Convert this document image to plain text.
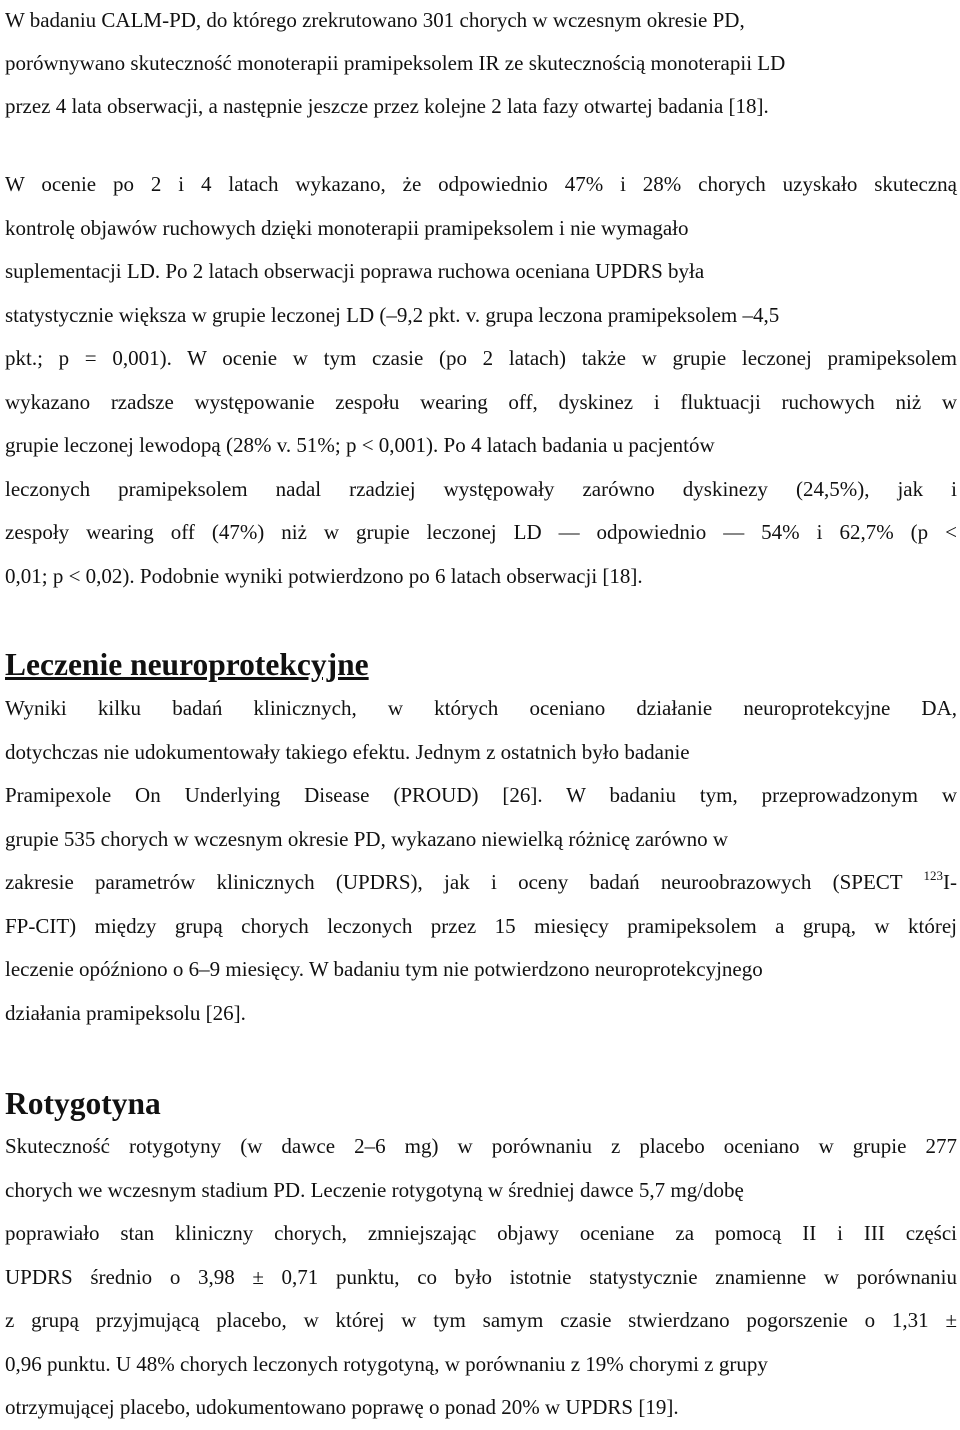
W badaniu CALM-PD, do którego zrekrutowano 301 chorych w wczesnym okresie PD,
porównywano skuteczność monoterapii pramipeksolem IR ze skutecznością monoterapii LD
przez 4 lata obserwacji, a następnie jeszcze przez kolejne 2 lata fazy otwartej badania [18].
W ocenie po 2 i 4 latach wykazano, że odpowiednio 47% i 28% chorych uzyskało skuteczną
kontrolę objawów ruchowych dzięki monoterapii pramipeksolem i nie wymagało
suplementacji LD. Po 2 latach obserwacji poprawa ruchowa oceniana UPDRS była
statystycznie większa w grupie leczonej LD (–9,2 pkt. v. grupa leczona pramipeksolem –4,5
pkt.; p = 0,001). W ocenie w tym czasie (po 2 latach) także w grupie leczonej pramipeksolem
wykazano rzadsze występowanie zespołu wearing off, dyskinez i fluktuacji ruchowych niż w
grupie leczonej lewodopą (28% v. 51%; p < 0,001). Po 4 latach badania u pacjentów
leczonych pramipeksolem nadal rzadziej występowały zarówno dyskinezy (24,5%), jak i
zespoły wearing off (47%) niż w grupie leczonej LD — odpowiednio — 54% i 62,7% (p <
0,01; p < 0,02). Podobnie wyniki potwierdzono po 6 latach obserwacji [18].
Leczenie neuroprotekcyjne
Wyniki kilku badań klinicznych, w których oceniano działanie neuroprotekcyjne DA,
dotychczas nie udokumentowały takiego efektu. Jednym z ostatnich było badanie
Pramipexole On Underlying Disease (PROUD) [26]. W badaniu tym, przeprowadzonym w
grupie 535 chorych w wczesnym okresie PD, wykazano niewielką różnicę zarówno w
zakresie parametrów klinicznych (UPDRS), jak i oceny badań neuroobrazowych (SPECT $^{123}$I-
FP-CIT) między grupą chorych leczonych przez 15 miesięcy pramipeksolem a grupą, w której
leczenie opóźniono o 6–9 miesięcy. W badaniu tym nie potwierdzono neuroprotekcyjnego
działania pramipeksolu [26].
Rotygotyna
Skuteczność rotygotyny (w dawce 2–6 mg) w porównaniu z placebo oceniano w grupie 277
chorych we wczesnym stadium PD. Leczenie rotygotyną w średniej dawce 5,7 mg/dobę
poprawiało stan kliniczny chorych, zmniejszając objawy oceniane za pomocą II i III części
UPDRS średnio o 3,98 ± 0,71 punktu, co było istotnie statystycznie znamienne w porównaniu
z grupą przyjmującą placebo, w której w tym samym czasie stwierdzano pogorszenie o 1,31 ±
0,96 punktu. U 48% chorych leczonych rotygotyną, w porównaniu z 19% chorymi z grupy
otrzymującej placebo, udokumentowano poprawę o ponad 20% w UPDRS [19].
